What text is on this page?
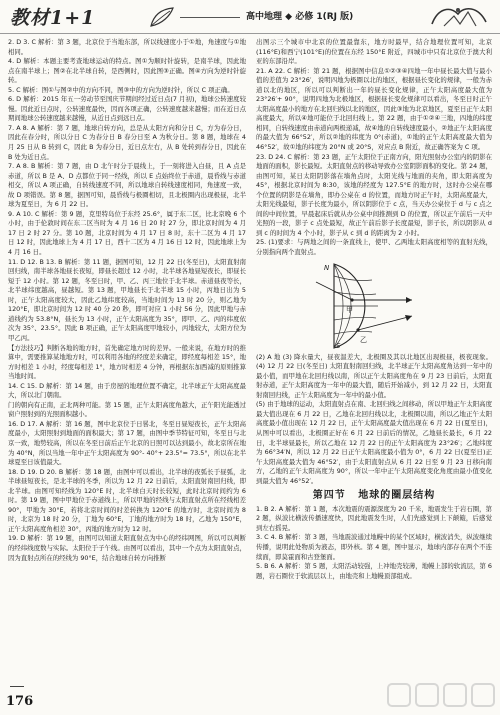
教材1+1	高中地理 ◆ 必修 1(RJ 版)

2. D 3. C 解析：第 3 题，北京位于当地东部，所以线速度小于①地，角速度与①地相同。

4. D 解析：本题主要考查地球运动的特点。图①为顺时针旋转，是南半球，因此地点在南半球上；图②在北半球自转，是西侧时，因此图③正确。图④方向为逆时针旋转。

5. C 解析：图①与图②中的方向不同，图③中的方向为逆时针，所以 C 项正确。

6. D 解析：2015 年五一劳动节至国庆节期间经过近日点(7 月初)，地球公转速度较慢。因此近日点时，公转速度最快，因而各项正确，公转速度越来越慢；而在近日点期间地球公转速度越来越慢，从近日点到远日点。

7. A 8. A 解析：第 7 题，地球自转方向，总是从太阳方向和分日 C，方为春分日，因此在春分时，所以分日 C 为春分日 B 春分日至 A 为秋分日。第 8 题，地球在 4 月 25 日从 B 转到 C，因此 B 为春分日，近日点左右，从 B 处转到春分日，因此在 B 处为近日点。

7. A 8. B 解析：第 7 题，由 D 北午时分于晨线上，于一刻将进入白昼，且 A 点是赤道，所以 B 是 A、D 点都位于同一经线，所以 E 点始终位于赤道，晨昏线与赤道相交，所以 A 项正确，自转线速度不同，所以地球自转线速度相同，角速度一致，故 D 项错误。第 8 题，据图可知，晨昏线与极圈相切，且北极圈内出现极昼，北半球为夏至日，为 6 月 22 日。

9. A 10. C 解析：第 9 题，克里特岛位于东经 25.6°，属于东二区，比北京晚 6 个小时，由于伦敦时间在东二区当时为 4 月 16 日 20 时 27 分，即北京时间为 4 月 17 日 2 时 27 分。第 10 题，北京时间为 4 月 17 日 8 时，东十二区为 4 月 17 日 12 时，因此地球上为 4 月 17 日，西十二区为 4 月 16 日 12 时，因此地球上为 4 月 16 日。

11. D 12. B 13. B 解析：第 11 题，据图可知，12 月 22 日(冬至日)，太阳直射南回归线，南半球各地昼长夜短，即昼长超过 12 小时，北半球各地昼短夜长，即昼长短于 12 小时。第 12 题，冬至日时，甲、乙、丙三地位于北半球。赤道昼夜等长，北半球纬度越高，昼越短。第 13 题，甲地昼长于北半球 15 小时，丙地日出为 5 时，正午太阳高度较大，因此乙地纬度较高，当地时间为 13 时 20 分，则乙地为 120°E，即北京时间为 12 时 40 分 20 秒，即可对应 1 小时 56 分，因此甲地与赤道线约为 53.8°N，昼长为 13 小时，正午太阳高度为 35°，即甲、乙、丙的纬度依次为 35°、23.5°。因此 B 项正确，正午太阳高度甲地较小，丙地较大，太阳方位为甲乙丙。

【方法技巧】判断各地的地方时，首先确定地方时的差异。一般来说，在地方时的推算中，需要推算某地地方时，可以利用各地的经度差来确定，即经度每相差 15°，地方时相差 1 小时，经度每相差 1°，地方时相差 4 分钟，再根据东加西减的原则推算当地时间。

14. C 15. D 解析：第 14 题，由于房屋的地理位置不确定，北半球正午太阳高度最大，所以北门朝南。

门的朝向有正南，正北两种可能。第 15 题，正午太阳高度角越大，正午阳光能透过窗户照射到的光照面积越小。

16. D 17. A 解析：第 16 题，图中北京位于日晷北，冬至日昼短夜长，正午太阳高度最小，太阳照射到地面的面积最大；第 17 题，由图中季节特征可知，冬至日与北京一致，地势较高，所以在冬至日前后正午北京的日照可以达到最小，故北京所在地为 40°N，所以当地一年中正午太阳高度为 90°- 40°+ 23.5°= 73.5°，所以在北半球夏至日该值最大。

18. D 19. D 20. B 解析：第 18 题，由图中可以看出，北半球的夜弧长于昼弧，北半球昼短夜长，是北半球的冬季，所以为 12 月 22 日前后，太阳直射南回归线，即北半球。由图可知经线为 120°E 时，北半球白天时长较短，此时北京时间约为 6 时。第 19 题，图中甲地位于赤道线上，所以甲地的经线与太阳直射点所在经线相差 90°，甲地为 30°E，若将北京时间的时差转换为 120°E 的地方时，北京时间为 8 时，北京为 18 时 20 分，丁地为 60°E，丁地的地方时为 18 时，乙地为 150°E，正午太阳高度角相差 30°，丙地的地方时为 12 时。

19. D 解析：第 19 题，由图可以知道太阳直射点为中心的经纬网图，所以可以判断的经纬线度数与实际。太阳位于子午线。由图可以看出，其中一个点为太阳直射点，因为直射点所在的经线为 90°E，结合地球自转方向推断

出图示三个城市中北京的位置最靠东，地方时最早，结合地理位置可知，北京(116°E)和西宁(101°E)的位置在东经 150°E 附近，四城市中只有北京位于澳大利亚的东部沿岸。

21. A 22. C 解析：第 21 题，根据图中信息①②③④四地一年中昼长最大值与最小值的差值为 23°26′，说明四地为极圈以北的地区，根据昼长变化的规律，一般为赤道以北的地区，所以可以判断出一年的昼长变化规律，正午太阳高度最大值为 23°26′+ 90°，说明四地为北极地区，根据昼长变化规律可以看出，冬至日时正午太阳高度最小的地方在北回归线以北的地区，因此③地为北京地区，夏至日正午太阳高度最大，所以④地可能位于北回归线上。第 22 题，由于①②④三地，四地的纬度相同，自转线速度由赤道向两极递减，故④地的自转线速度最小，②地正午太阳高度的最大值为 66°52′，所以②地的纬度为 0°(赤道)，①地的正午太阳高度最大值为 46°52′，故①地的纬度为 20°N 或 20°S，对应点 B 附近，故正确答案为 C 项。

23. D 24. C 解析：第 23 题，正午太阳位于正南方向，阳光照射办公室内的阴影在地面的面积，影长最短。太阳直射点的移动导致办公室阴影面积的变化。第 24 题，由图可知，某日太阳阴影落在墙角点时，太阳光线与地面的夹角，即太阳高度为 45°，根据北京时间为 8:30，该地的经度为 127.5°E 的地方时，这时办公桌在哪个位置的阴影是在墙角，即办公桌在 d 的位置，而地方时正午时，太阳高度最大，太阳光线最短，影子长度为最小，所以阴影位于 c 点，当天办公桌位于 d 与 c 点之间的中间位置，早晨起床后就从办公桌中间推测到 D 的位置，所以正午前后一天中光照的一段，影子 c 点处最短，故正午前后影子长度最短，影子长，所以阴影从 d 到 c 的时间为 4 个小时，影子从 c 到 d 的距离为 2 小时。

25. (1)要求：与两地之间的一条直线上，使甲、乙两地太阳高度相等的直射光线，分别指向两个直射点。

N
S
甲
乙

(2) A 地 (3) 降水量大，昼夜温差大，北极圈及其以北地区出现极昼，极夜现象。 (4) 12 月 22 日(冬至日) 太阳直射南回归线，北半球正午太阳高度角达到一年中的最小值，而甲地在北回归线以南，所以正午太阳高度角在 9 月 23 日前后，太阳直射赤道，正午太阳高度为一年中的最大值，随后开始减小，到 12 月 22 日，太阳直射南回归线，正午太阳高度为一年中的最小值。

(5) 由于地球的运动，太阳直射点在南、北回归线之间移动，所以甲地正午太阳高度最大值出现在 6 月 22 日，乙地在北回归线以北，北极圈以南，所以乙地正午太阳高度最小值出现在 12 月 22 日，正午太阳高度最大值出现在 6 月 22 日(夏至日)，从图中可以看出，北极圈正好在 6 月 22 日前后的情况，乙地昼长最长，6 月 22 日，北半球昼最长，所以乙地在 12 月 22 日的正午太阳高度为 23°26′；乙地纬度为 66°34′N，所以 12 月 22 日正午太阳高度最小值为 0°，6 月 22 日(夏至日)正午太阳高度最大值为 46°52′，由于太阳直射点从 6 月 22 日至 9 月 23 日移向南方，乙地的正午太阳高度为 90°，所以一年中正午太阳高度变化角度由最小值变化到最大值为 46°52′。

第四节 地球的圈层结构

1. B 2. A 解析：第 1 题，本次地震的震源深度为 20 千米，地震发生于岩石圈，第 2 题，纵波比横波传播速度快，因此地震发生时，人们先感觉到上下颠簸，后感觉到左右摇晃。

3. C 4. B 解析：第 3 题，当地震波通过地幔中的某个区域时，横波消失，纵波继续传播，说明此处物质为液态，即外核。第 4 题，图中显示，地球内部存在两个不连续面，即莫霍面和古登堡面。

5. B 6. A 解析：第 5 题，太阳活动较强，上冲地壳较薄，地幔上部的软流层，第 6 题，岩石圈位于软流层以上，由地壳和上地幔顶部组成。

176
